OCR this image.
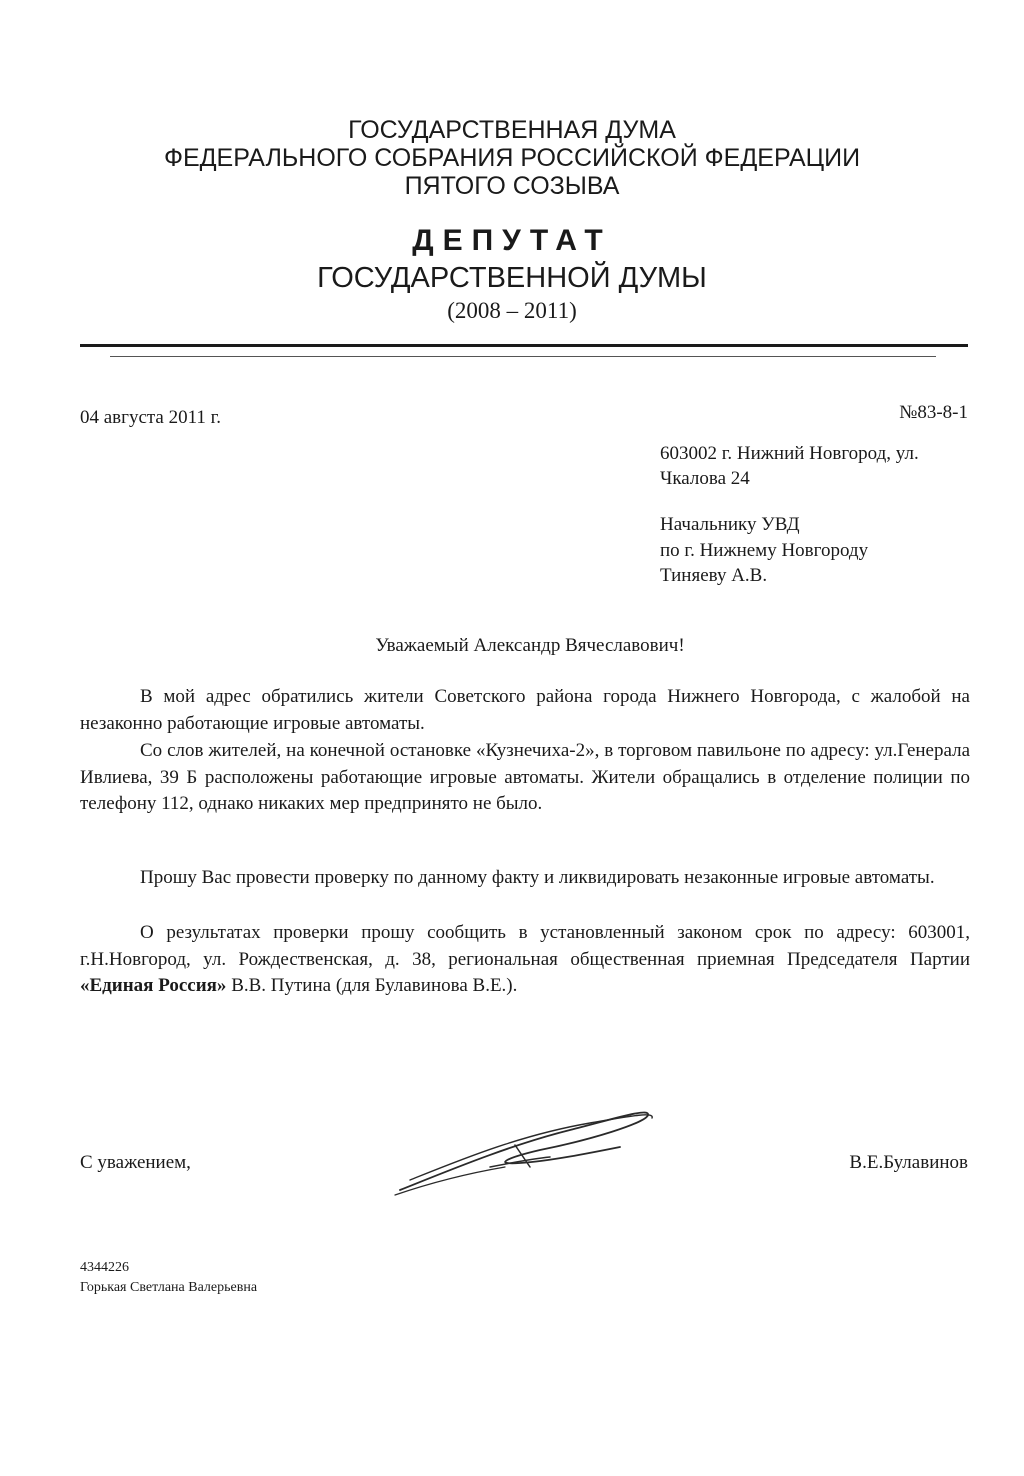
ГОСУДАРСТВЕННАЯ ДУМА
ФЕДЕРАЛЬНОГО СОБРАНИЯ РОССИЙСКОЙ ФЕДЕРАЦИИ
ПЯТОГО СОЗЫВА
ДЕПУТАТ
ГОСУДАРСТВЕННОЙ ДУМЫ
(2008 – 2011)
04 августа 2011 г.	№83-8-1
603002 г. Нижний Новгород, ул.
Чкалова 24
Начальнику УВД
по г. Нижнему Новгороду
Тиняеву А.В.
Уважаемый Александр Вячеславович!

В мой адрес обратились жители Советского района города Нижнего Новгорода, с жалобой на незаконно работающие игровые автоматы.

Со слов жителей, на конечной остановке «Кузнечиха-2», в торговом павильоне по адресу: ул.Генерала Ивлиева, 39 Б расположены работающие игровые автоматы. Жители обращались в отделение полиции по телефону 112, однако никаких мер предпринято не было.

Прошу Вас провести проверку по данному факту и ликвидировать незаконные игровые автоматы.

О результатах проверки прошу сообщить в установленный законом срок по адресу: 603001, г.Н.Новгород, ул. Рождественская, д. 38, региональная общественная приемная Председателя Партии «Единая Россия» В.В. Путина (для Булавинова В.Е.).

С уважением,	В.Е.Булавинов
4344226
Горькая Светлана Валерьевна
